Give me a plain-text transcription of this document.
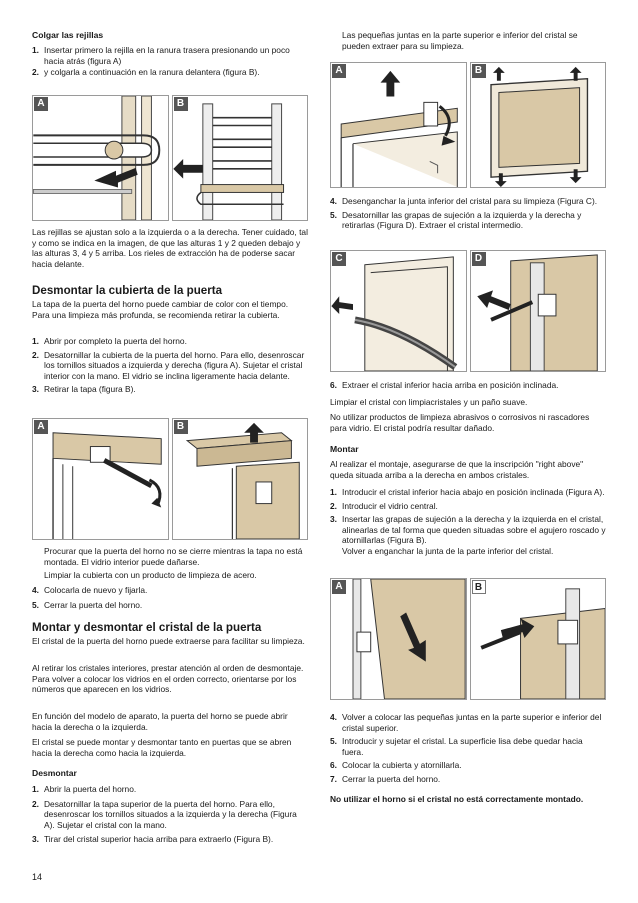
Colgar las rejillas
1. Insertar primero la rejilla en la ranura trasera presionando un poco hacia atrás (figura A)
2. y colgarla a continuación en la ranura delantera (figura B).
A	B
Las rejillas se ajustan solo a la izquierda o a la derecha. Tener cuidado, tal y como se indica en la imagen, de que las alturas 1 y 2 queden debajo y las alturas 3, 4 y 5 arriba. Los rieles de extracción ha de poderse sacar hacia delante.
Desmontar la cubierta de la puerta
La tapa de la puerta del horno puede cambiar de color con el tiempo. Para una limpieza más profunda, se recomienda retirar la cubierta.
1. Abrir por completo la puerta del horno.
2. Desatornillar la cubierta de la puerta del horno. Para ello, desenroscar los tornillos situados a izquierda y derecha (figura A). Sujetar el cristal interior con la mano. El vidrio se inclina ligeramente hacia delante.
3. Retirar la tapa (figura B).
A	B
Procurar que la puerta del horno no se cierre mientras la tapa no está montada. El vidrio interior puede dañarse.
Limpiar la cubierta con un producto de limpieza de acero.
4. Colocarla de nuevo y fijarla.
5. Cerrar la puerta del horno.
Montar y desmontar el cristal de la puerta
El cristal de la puerta del horno puede extraerse para facilitar su limpieza.
Al retirar los cristales interiores, prestar atención al orden de desmontaje. Para volver a colocar los vidrios en el orden correcto, orientarse por los números que aparecen en los vidrios.
En función del modelo de aparato, la puerta del horno se puede abrir hacia la derecha o la izquierda.
El cristal se puede montar y desmontar tanto en puertas que se abren hacia la derecha como hacia la izquierda.
Desmontar
1. Abrir la puerta del horno.
2. Desatornillar la tapa superior de la puerta del horno. Para ello, desenroscar los tornillos situados a la izquierda y la derecha (Figura A). Sujetar el cristal con la mano.
3. Tirar del cristal superior hacia arriba para extraerlo (Figura B).
14
Las pequeñas juntas en la parte superior e inferior del cristal se pueden extraer para su limpieza.
A	B
4. Desenganchar la junta inferior del cristal para su limpieza (Figura C).
5. Desatornillar las grapas de sujeción a la izquierda y la derecha y retirarlas (Figura D). Extraer el cristal intermedio.
C	D
6. Extraer el cristal inferior hacia arriba en posición inclinada.
Limpiar el cristal con limpiacristales y un paño suave.
No utilizar productos de limpieza abrasivos o corrosivos ni rascadores para vidrio. El cristal podría resultar dañado.
Montar
Al realizar el montaje, asegurarse de que la inscripción "right above" queda situada arriba a la derecha en ambos cristales.
1. Introducir el cristal inferior hacia abajo en posición inclinada (Figura A).
2. Introducir el vidrio central.
3. Insertar las grapas de sujeción a la derecha y la izquierda en el cristal, alinearlas de tal forma que queden situadas sobre el agujero roscado y atornillarlas (Figura B).
Volver a enganchar la junta de la parte inferior del cristal.
A	B
4. Volver a colocar las pequeñas juntas en la parte superior e inferior del cristal superior.
5. Introducir y sujetar el cristal. La superficie lisa debe quedar hacia fuera.
6. Colocar la cubierta y atornillarla.
7. Cerrar la puerta del horno.
No utilizar el horno si el cristal no está correctamente montado.
